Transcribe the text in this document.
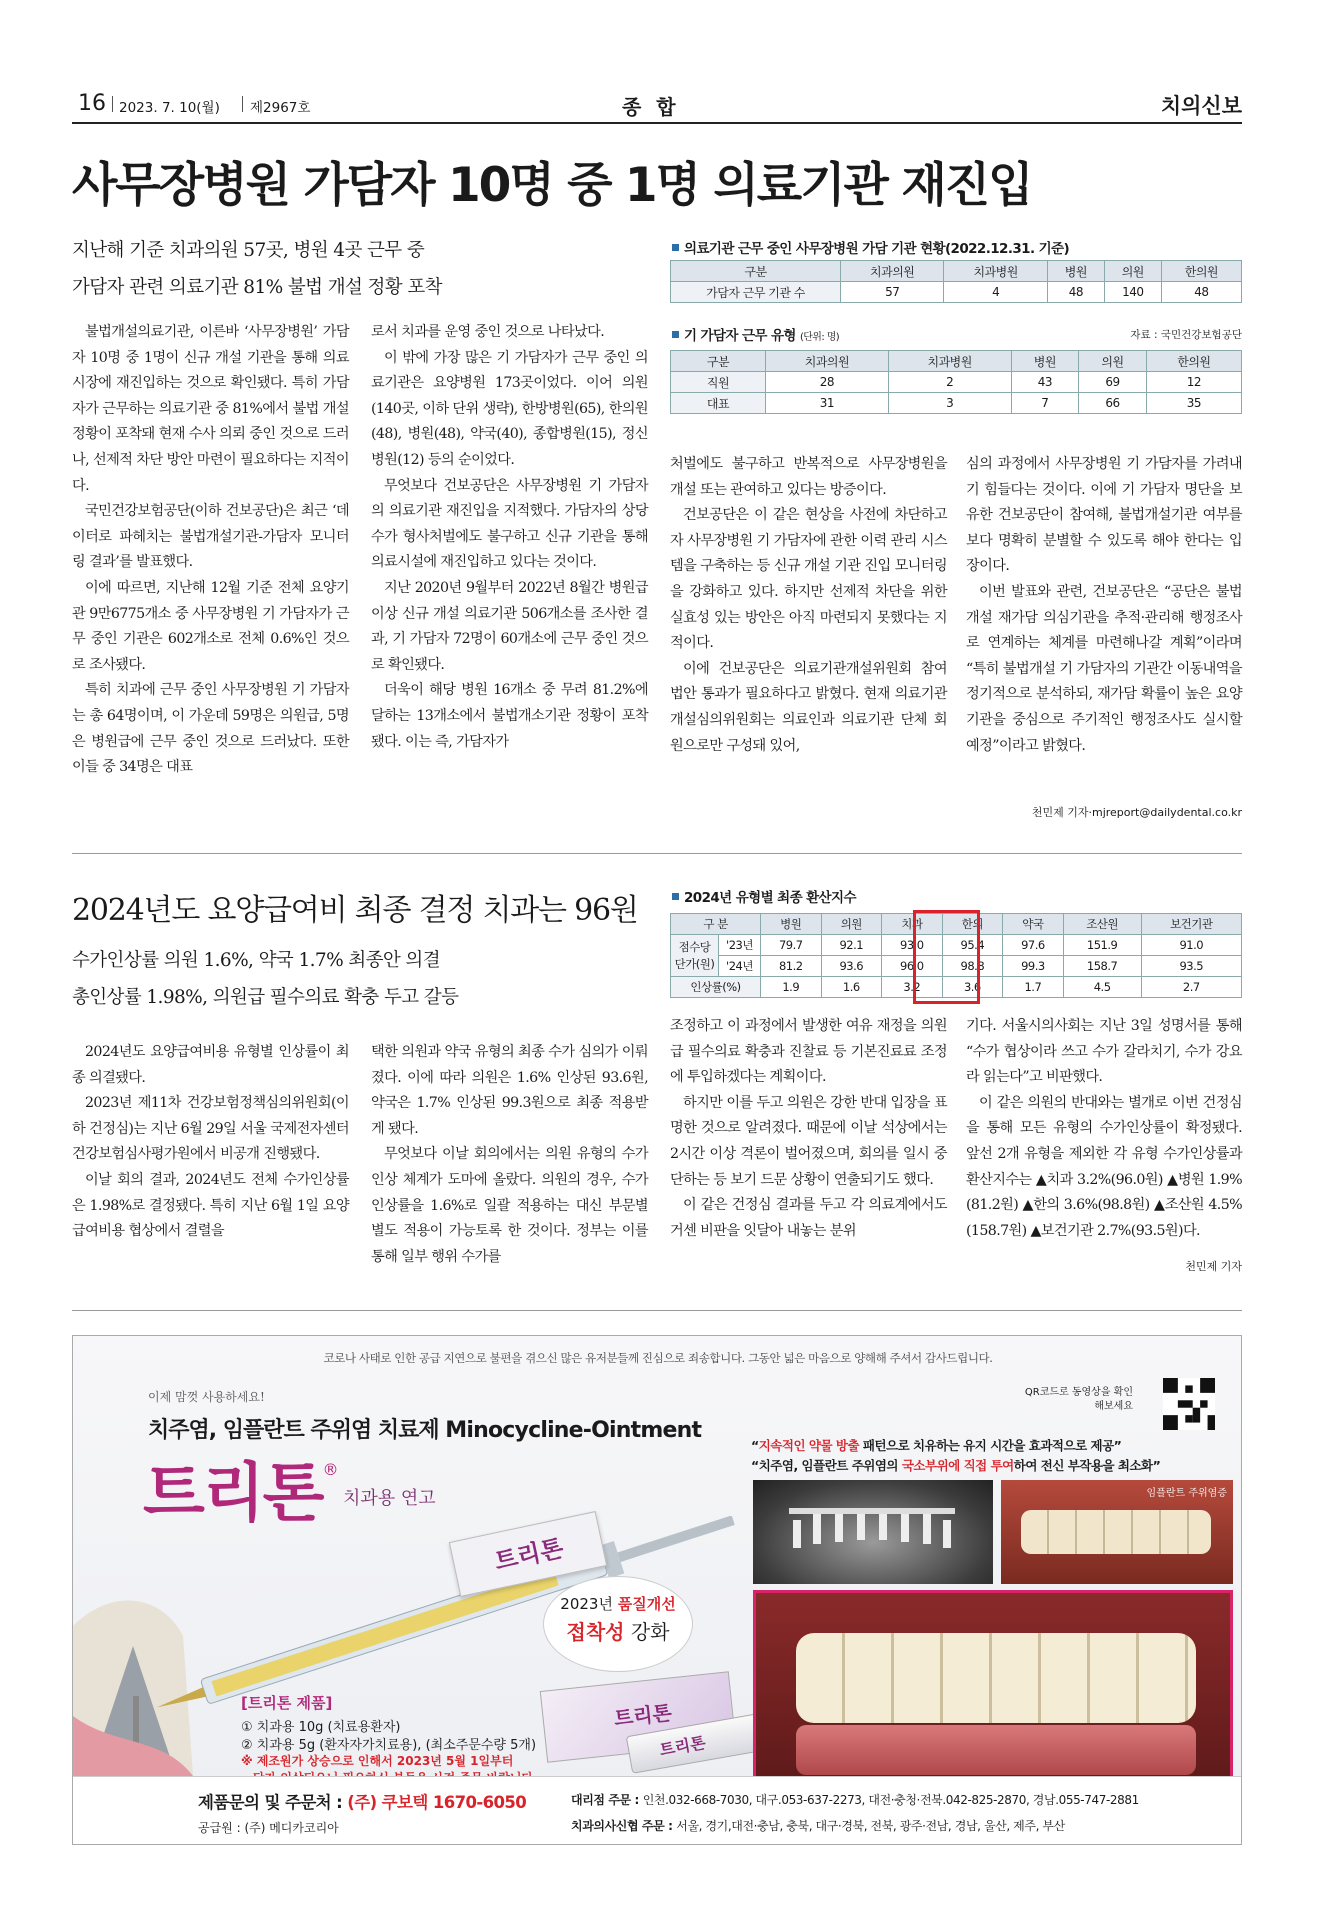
16 2023. 7. 10(월) 제2967호	종 합	치의신보
사무장병원 가담자 10명 중 1명 의료기관 재진입
지난해 기준 치과의원 57곳, 병원 4곳 근무 중
가담자 관련 의료기관 81% 불법 개설 정황 포착
의료기관 근무 중인 사무장병원 가담 기관 현황(2022.12.31. 기준)
구분	치과의원	치과병원	병원	의원	한의원
가담자 근무 기관 수	57	4	48	140	48
기 가담자 근무 유형 (단위: 명)	자료 : 국민건강보험공단
구분	치과의원	치과병원	병원	의원	한의원
직원	28	2	43	69	12
대표	31	3	7	66	35

불법개설의료기관, 이른바 ‘사무장병원’ 가담자 10명 중 1명이 신규 개설 기관을 통해 의료시장에 재진입하는 것으로 확인됐다. 특히 가담자가 근무하는 의료기관 중 81%에서 불법 개설 정황이 포착돼 현재 수사 의뢰 중인 것으로 드러나, 선제적 차단 방안 마련이 필요하다는 지적이다.

국민건강보험공단(이하 건보공단)은 최근 ‘데이터로 파헤치는 불법개설기관-가담자 모니터링 결과’를 발표했다.

이에 따르면, 지난해 12월 기준 전체 요양기관 9만6775개소 중 사무장병원 기 가담자가 근무 중인 기관은 602개소로 전체 0.6%인 것으로 조사됐다.

특히 치과에 근무 중인 사무장병원 기 가담자는 총 64명이며, 이 가운데 59명은 의원급, 5명은 병원급에 근무 중인 것으로 드러났다. 또한 이들 중 34명은 대표

로서 치과를 운영 중인 것으로 나타났다.

이 밖에 가장 많은 기 가담자가 근무 중인 의료기관은 요양병원 173곳이었다. 이어 의원(140곳, 이하 단위 생략), 한방병원(65), 한의원(48), 병원(48), 약국(40), 종합병원(15), 정신병원(12) 등의 순이었다.

무엇보다 건보공단은 사무장병원 기 가담자의 의료기관 재진입을 지적했다. 가담자의 상당수가 형사처벌에도 불구하고 신규 기관을 통해 의료시설에 재진입하고 있다는 것이다.

지난 2020년 9월부터 2022년 8월간 병원급 이상 신규 개설 의료기관 506개소를 조사한 결과, 기 가담자 72명이 60개소에 근무 중인 것으로 확인됐다.

더욱이 해당 병원 16개소 중 무려 81.2%에 달하는 13개소에서 불법개소기관 정황이 포착됐다. 이는 즉, 가담자가

처벌에도 불구하고 반복적으로 사무장병원을 개설 또는 관여하고 있다는 방증이다.

건보공단은 이 같은 현상을 사전에 차단하고자 사무장병원 기 가담자에 관한 이력 관리 시스템을 구축하는 등 신규 개설 기관 진입 모니터링을 강화하고 있다. 하지만 선제적 차단을 위한 실효성 있는 방안은 아직 마련되지 못했다는 지적이다.

이에 건보공단은 의료기관개설위원회 참여 법안 통과가 필요하다고 밝혔다. 현재 의료기관개설심의위원회는 의료인과 의료기관 단체 회원으로만 구성돼 있어,

심의 과정에서 사무장병원 기 가담자를 가려내기 힘들다는 것이다. 이에 기 가담자 명단을 보유한 건보공단이 참여해, 불법개설기관 여부를 보다 명확히 분별할 수 있도록 해야 한다는 입장이다.

이번 발표와 관련, 건보공단은 “공단은 불법개설 재가담 의심기관을 추적·관리해 행정조사로 연계하는 체계를 마련해나갈 계획”이라며 “특히 불법개설 기 가담자의 기관간 이동내역을 정기적으로 분석하되, 재가담 확률이 높은 요양기관을 중심으로 주기적인 행정조사도 실시할 예정”이라고 밝혔다.

천민제 기자·mjreport@dailydental.co.kr
2024년도 요양급여비 최종 결정 치과는 96원
수가인상률 의원 1.6%, 약국 1.7% 최종안 의결
총인상률 1.98%, 의원급 필수의료 확충 두고 갈등
2024년 유형별 최종 환산지수
구 분		병원	의원	치과	한의	약국	조산원	보건기관
점수당
단가(원)	'23년	79.7	92.1	93.0	95.4	97.6	151.9	91.0
	'24년	81.2	93.6	96.0	98.8	99.3	158.7	93.5
인상률(%)		1.9	1.6	3.2	3.6	1.7	4.5	2.7

2024년도 요양급여비용 유형별 인상률이 최종 의결됐다.

2023년 제11차 건강보험정책심의위원회(이하 건정심)는 지난 6월 29일 서울 국제전자센터 건강보험심사평가원에서 비공개 진행됐다.

이날 회의 결과, 2024년도 전체 수가인상률은 1.98%로 결정됐다. 특히 지난 6월 1일 요양급여비용 협상에서 결렬을

택한 의원과 약국 유형의 최종 수가 심의가 이뤄졌다. 이에 따라 의원은 1.6% 인상된 93.6원, 약국은 1.7% 인상된 99.3원으로 최종 적용받게 됐다.

무엇보다 이날 회의에서는 의원 유형의 수가인상 체계가 도마에 올랐다. 의원의 경우, 수가인상률을 1.6%로 일괄 적용하는 대신 부문별 별도 적용이 가능토록 한 것이다. 정부는 이를 통해 일부 행위 수가를

조정하고 이 과정에서 발생한 여유 재정을 의원급 필수의료 확충과 진찰료 등 기본진료료 조정에 투입하겠다는 계획이다.

하지만 이를 두고 의원은 강한 반대 입장을 표명한 것으로 알려졌다. 때문에 이날 석상에서는 2시간 이상 격론이 벌어졌으며, 회의를 일시 중단하는 등 보기 드문 상황이 연출되기도 했다.

이 같은 건정심 결과를 두고 각 의료계에서도 거센 비판을 잇달아 내놓는 분위

기다. 서울시의사회는 지난 3일 성명서를 통해 “수가 협상이라 쓰고 수가 갈라치기, 수가 강요라 읽는다”고 비판했다.

이 같은 의원의 반대와는 별개로 이번 건정심을 통해 모든 유형의 수가인상률이 확정됐다. 앞선 2개 유형을 제외한 각 유형 수가인상률과 환산지수는 ▲치과 3.2%(96.0원) ▲병원 1.9%(81.2원) ▲한의 3.6%(98.8원) ▲조산원 4.5%(158.7원) ▲보건기관 2.7%(93.5원)다.

천민제 기자
코로나 사태로 인한 공급 지연으로 불편을 겪으신 많은 유저분들께 진심으로 죄송합니다. 그동안 넓은 마음으로 양해해 주셔서 감사드립니다.
이제 맘껏 사용하세요!
치주염, 임플란트 주위염 치료제 Minocycline-Ointment
트리톤®
치과용 연고
트리톤
2023년 품질개선
접착성 강화
트리톤
트리톤
[트리톤 제품]
① 치과용 10g (치료용환자)
② 치과용 5g (환자자가치료용), (최소주문수량 5개)
※ 제조원가 상승으로 인해서 2023년 5월 1일부터
QR코드로 동영상을 확인해보세요
“지속적인 약물 방출 패턴으로 치유하는 유지 시간을 효과적으로 제공”
“치주염, 임플란트 주위염의 국소부위에 직접 투여하여 전신 부작용을 최소화”
임플란트 주위염증
제품문의 및 주문처 : (주) 쿠보텍 1670-6050
공급원 : (주) 메디카코리아
대리점 주문 : 인천.032-668-7030, 대구.053-637-2273, 대전·충청·전북.042-825-2870, 경남.055-747-2881
치과의사신협 주문 : 서울, 경기,대전·충남, 충북, 대구·경북, 전북, 광주·전남, 경남, 울산, 제주, 부산
